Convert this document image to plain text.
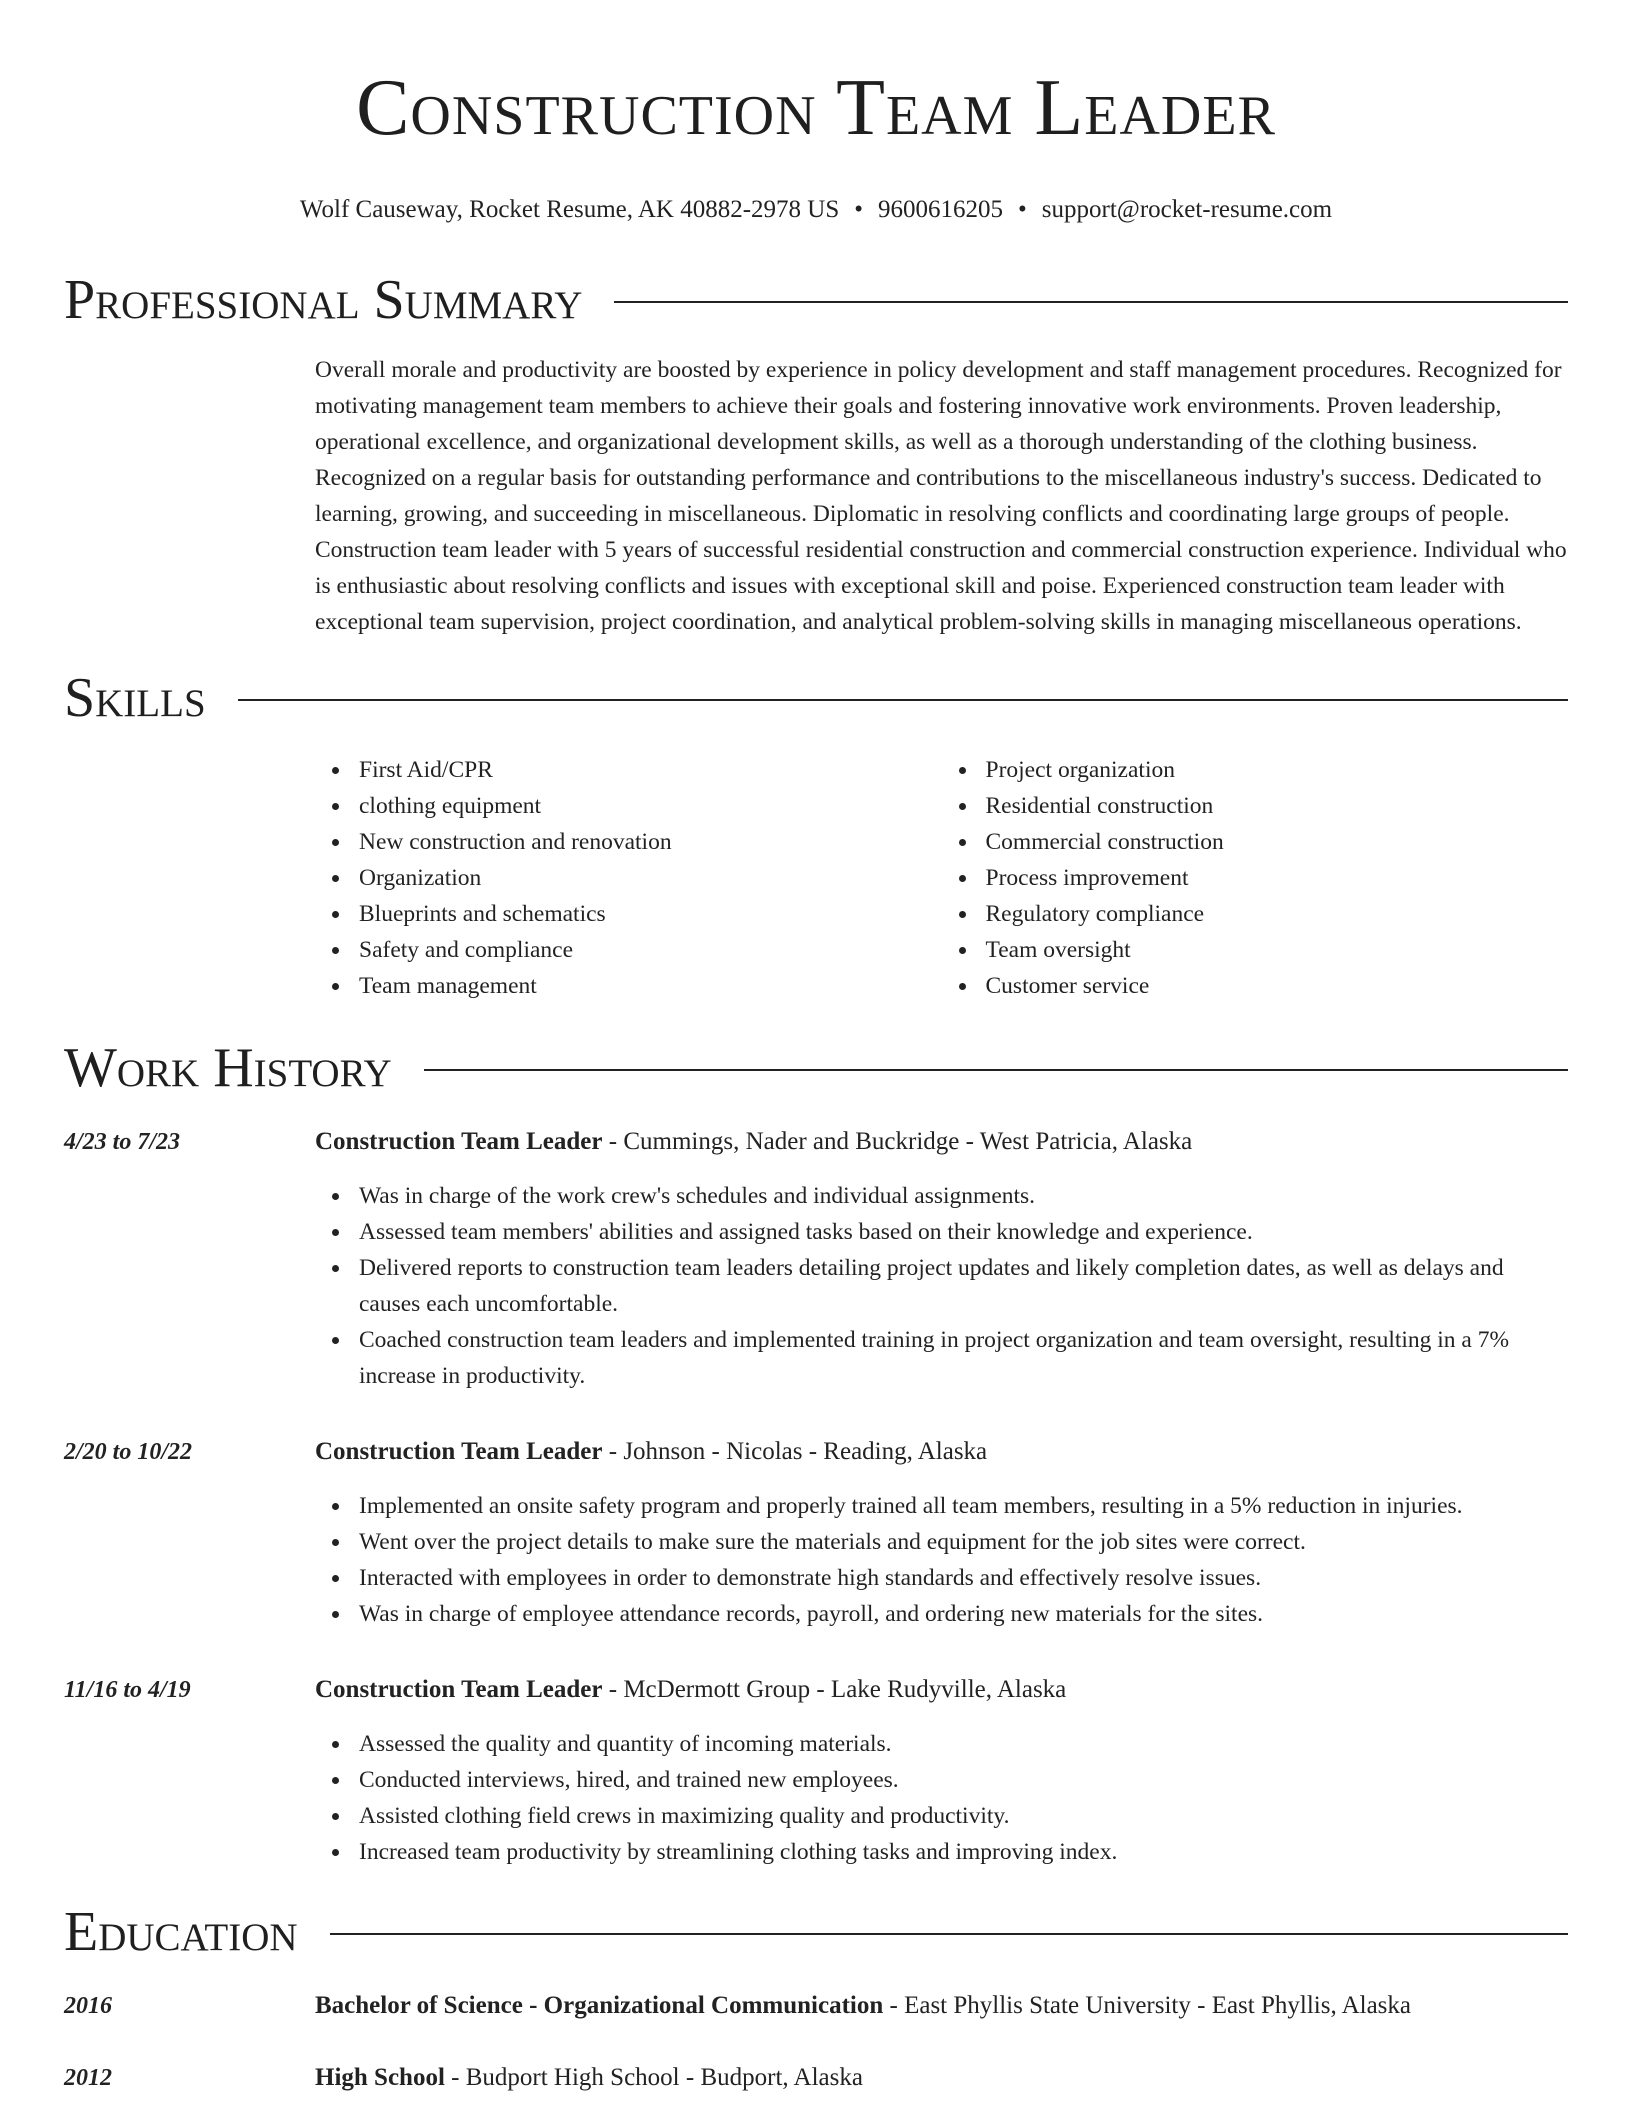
Construction Team Leader
Wolf Causeway, Rocket Resume, AK 40882-2978 US • 9600616205 • support@rocket-resume.com
Professional Summary

Overall morale and productivity are boosted by experience in policy development and staff management procedures. Recognized for motivating management team members to achieve their goals and fostering innovative work environments. Proven leadership, operational excellence, and organizational development skills, as well as a thorough understanding of the clothing business. Recognized on a regular basis for outstanding performance and contributions to the miscellaneous industry's success. Dedicated to learning, growing, and succeeding in miscellaneous. Diplomatic in resolving conflicts and coordinating large groups of people. Construction team leader with 5 years of successful residential construction and commercial construction experience. Individual who is enthusiastic about resolving conflicts and issues with exceptional skill and poise. Experienced construction team leader with exceptional team supervision, project coordination, and analytical problem-solving skills in managing miscellaneous operations.

Skills
First Aid/CPR
clothing equipment
New construction and renovation
Organization
Blueprints and schematics
Safety and compliance
Team management
Project organization
Residential construction
Commercial construction
Process improvement
Regulatory compliance
Team oversight
Customer service
Work History
4/23 to 7/23	Construction Team Leader - Cummings, Nader and Buckridge - West Patricia, Alaska
Was in charge of the work crew's schedules and individual assignments.
Assessed team members' abilities and assigned tasks based on their knowledge and experience.
Delivered reports to construction team leaders detailing project updates and likely completion dates, as well as delays and causes each uncomfortable.
Coached construction team leaders and implemented training in project organization and team oversight, resulting in a 7% increase in productivity.
2/20 to 10/22	Construction Team Leader - Johnson - Nicolas - Reading, Alaska
Implemented an onsite safety program and properly trained all team members, resulting in a 5% reduction in injuries.
Went over the project details to make sure the materials and equipment for the job sites were correct.
Interacted with employees in order to demonstrate high standards and effectively resolve issues.
Was in charge of employee attendance records, payroll, and ordering new materials for the sites.
11/16 to 4/19	Construction Team Leader - McDermott Group - Lake Rudyville, Alaska
Assessed the quality and quantity of incoming materials.
Conducted interviews, hired, and trained new employees.
Assisted clothing field crews in maximizing quality and productivity.
Increased team productivity by streamlining clothing tasks and improving index.
Education
2016	Bachelor of Science - Organizational Communication - East Phyllis State University - East Phyllis, Alaska
2012	High School - Budport High School - Budport, Alaska
